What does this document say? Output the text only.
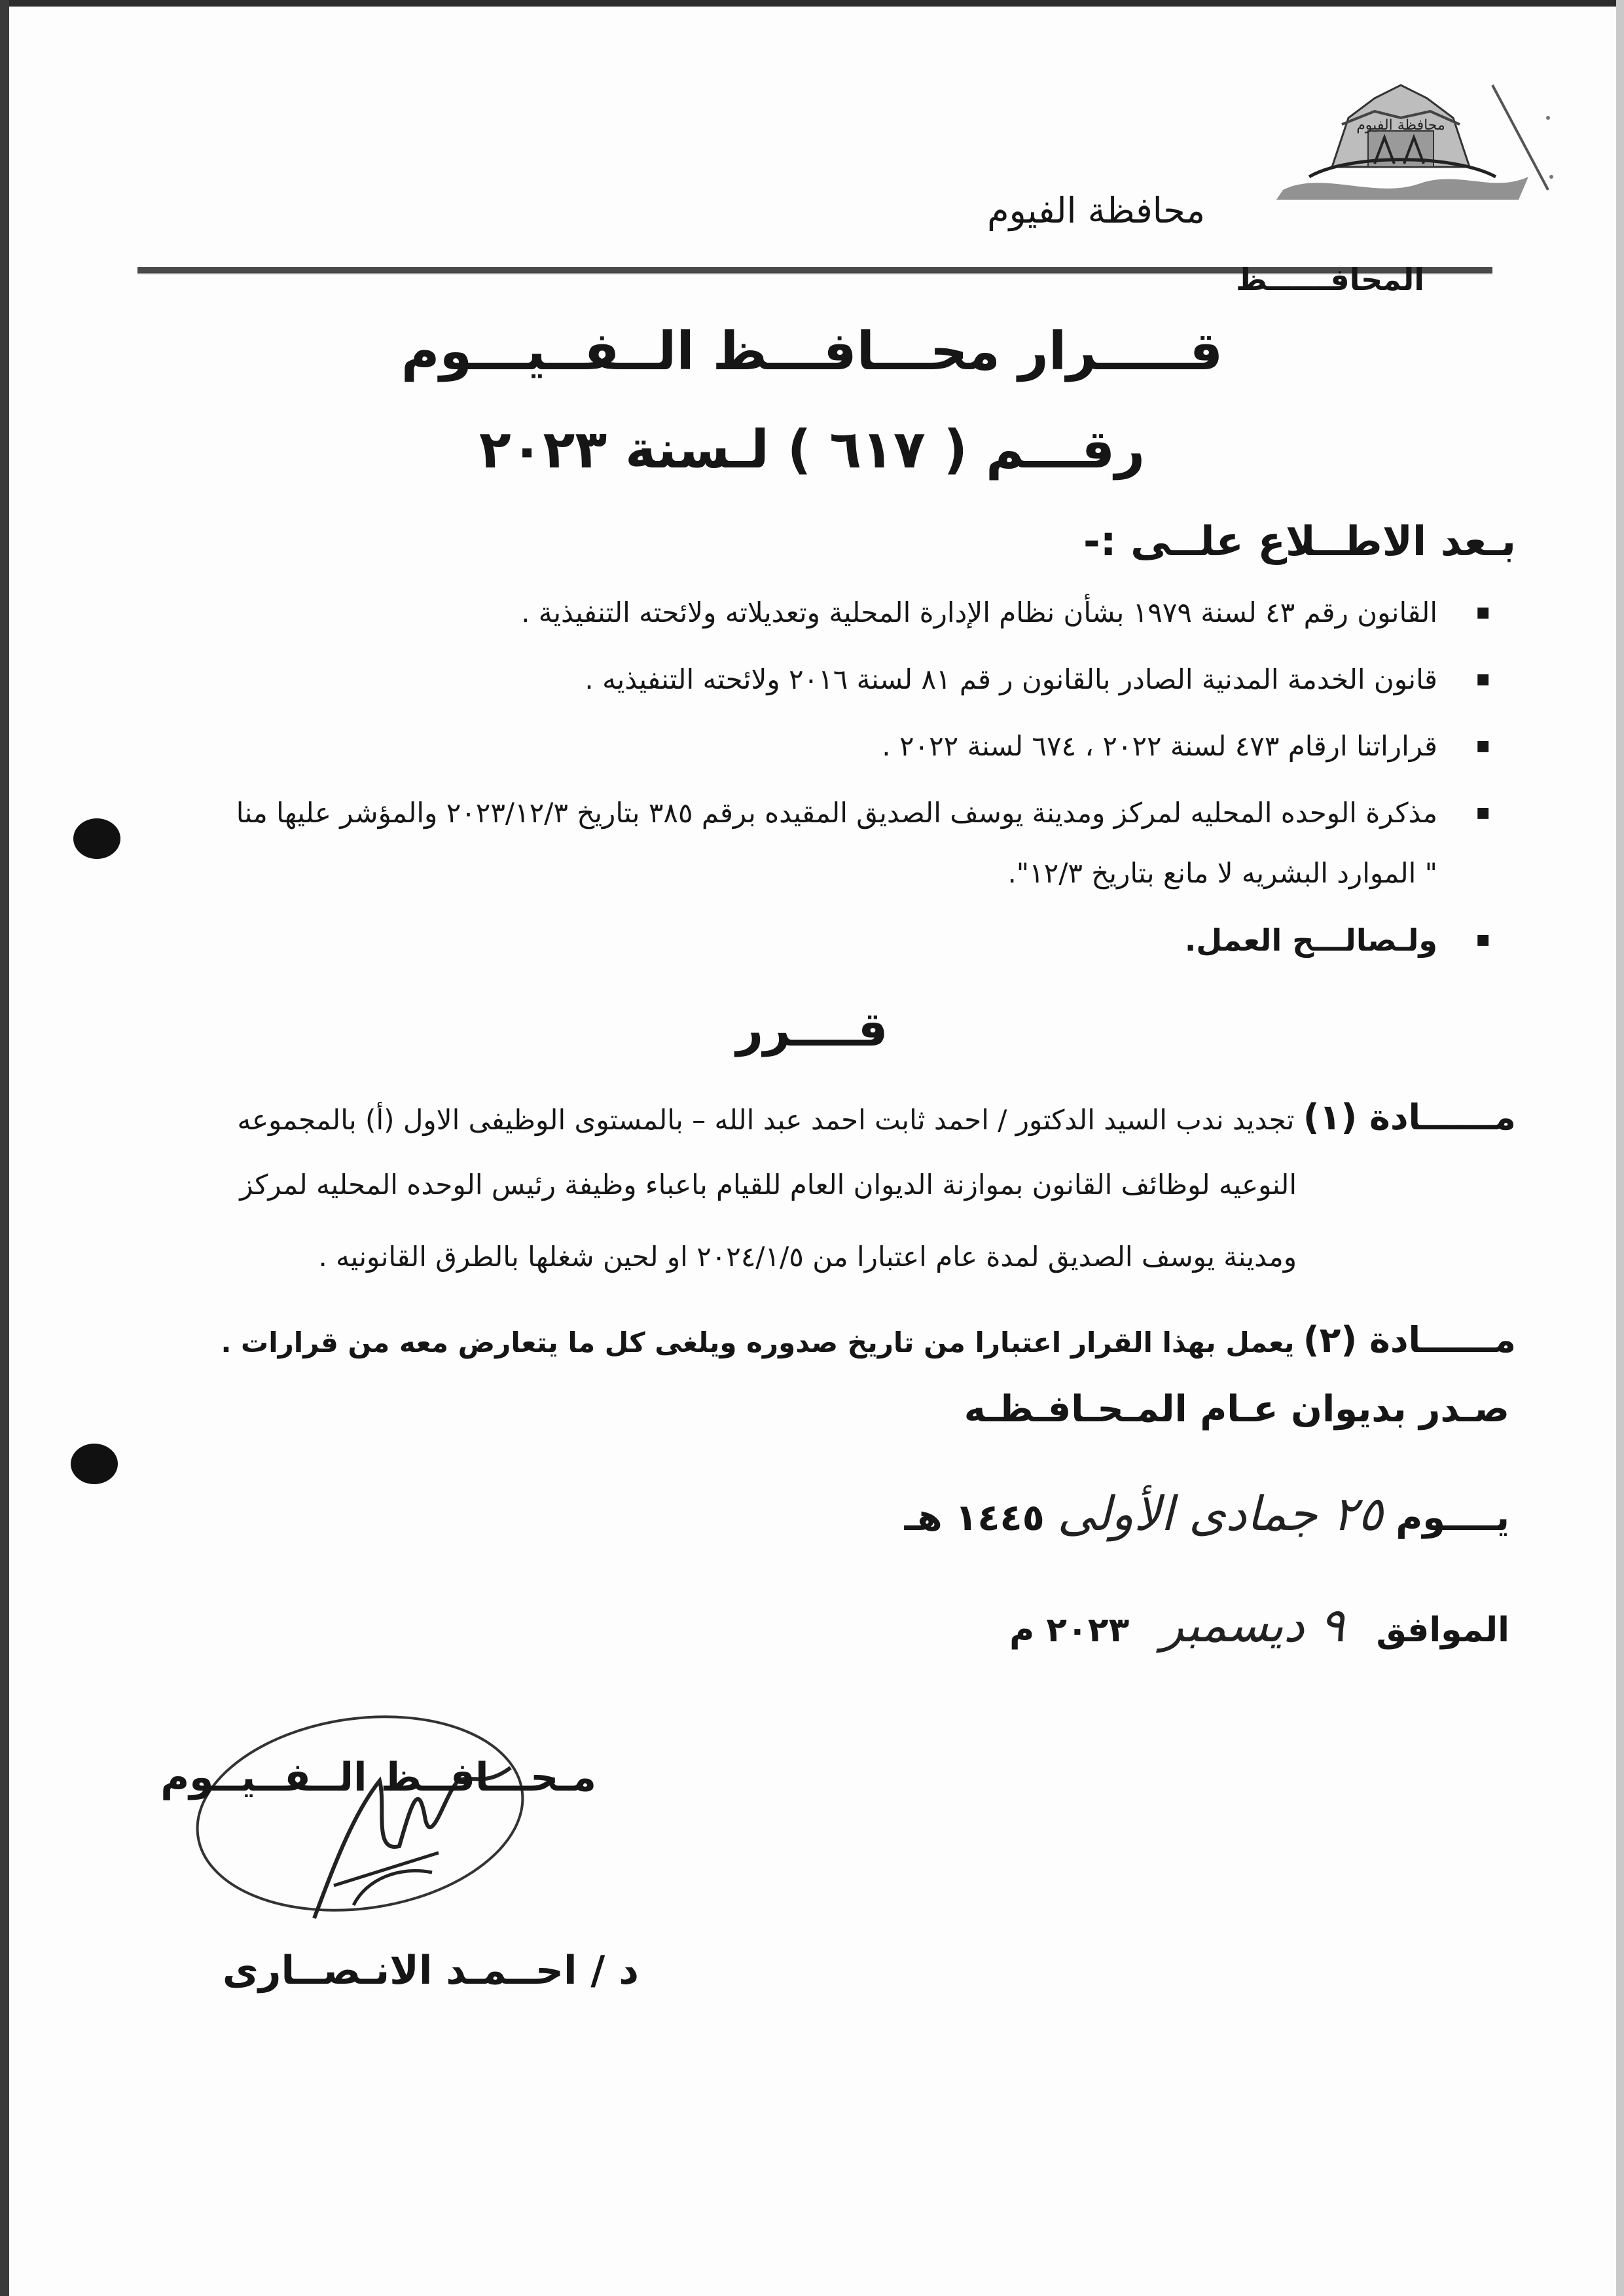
محافظة الفيوم
محافظة الفيوم
المحافــــــظ
قـــــرار محـــافـــظ الــفــيـــوم
رقـــم ( ٦١٧ ) لـسنة ٢٠٢٣
بـعد الاطــلاع علــى :-
■ القانون رقم ٤٣ لسنة ١٩٧٩ بشأن نظام الإدارة المحلية وتعديلاته ولائحته التنفيذية .
■ قانون الخدمة المدنية الصادر بالقانون ر قم ٨١ لسنة ٢٠١٦ ولائحته التنفيذيه .
■ قراراتنا ارقام ٤٧٣ لسنة ٢٠٢٢ ، ٦٧٤ لسنة ٢٠٢٢ .
■ مذكرة الوحده المحليه لمركز ومدينة يوسف الصديق المقيده برقم ٣٨٥ بتاريخ ٢٠٢٣/١٢/٣ والمؤشر عليها منا
" الموارد البشريه لا مانع بتاريخ ١٢/٣".
■ ولـصالـــح العمل.
قــــرر
مــــــادة (١) تجديد ندب السيد الدكتور / احمد ثابت احمد عبد الله – بالمستوى الوظيفى الاول (أ) بالمجموعه
النوعيه لوظائف القانون بموازنة الديوان العام للقيام باعباء وظيفة رئيس الوحده المحليه لمركز
ومدينة يوسف الصديق لمدة عام اعتبارا من ٢٠٢٤/١/٥ او لحين شغلها بالطرق القانونيه .
مــــــادة (٢) يعمل بهذا القرار اعتبارا من تاريخ صدوره ويلغى كل ما يتعارض معه من قرارات .
صـدر بديوان عـام المـحـافـظـه
يــــوم ٢٥ جمادى الأولى ١٤٤٥ هـ
الموافق ٩ ديسمبر ٢٠٢٣ م
مـحـــافــظ الــفــيــوم
د / احــمـد الانـصــارى
